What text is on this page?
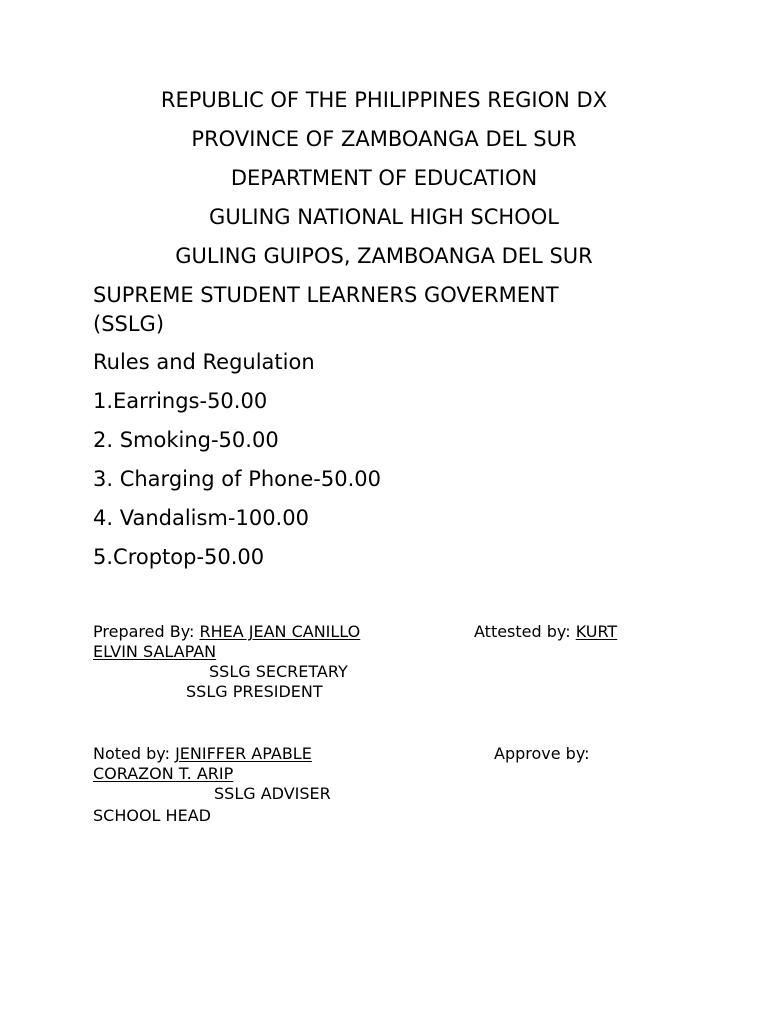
REPUBLIC OF THE PHILIPPINES REGION DX
PROVINCE OF ZAMBOANGA DEL SUR
DEPARTMENT OF EDUCATION
GULING NATIONAL HIGH SCHOOL
GULING GUIPOS, ZAMBOANGA DEL SUR
SUPREME STUDENT LEARNERS GOVERMENT
(SSLG)
Rules and Regulation
1.Earrings-50.00
2. Smoking-50.00
3. Charging of Phone-50.00
4. Vandalism-100.00
5.Croptop-50.00
Prepared By: RHEA JEAN CANILLO	Attested by: KURT
ELVIN SALAPAN
SSLG SECRETARY
SSLG PRESIDENT
Noted by: JENIFFER APABLE	Approve by:
CORAZON T. ARIP
SSLG ADVISER
SCHOOL HEAD
